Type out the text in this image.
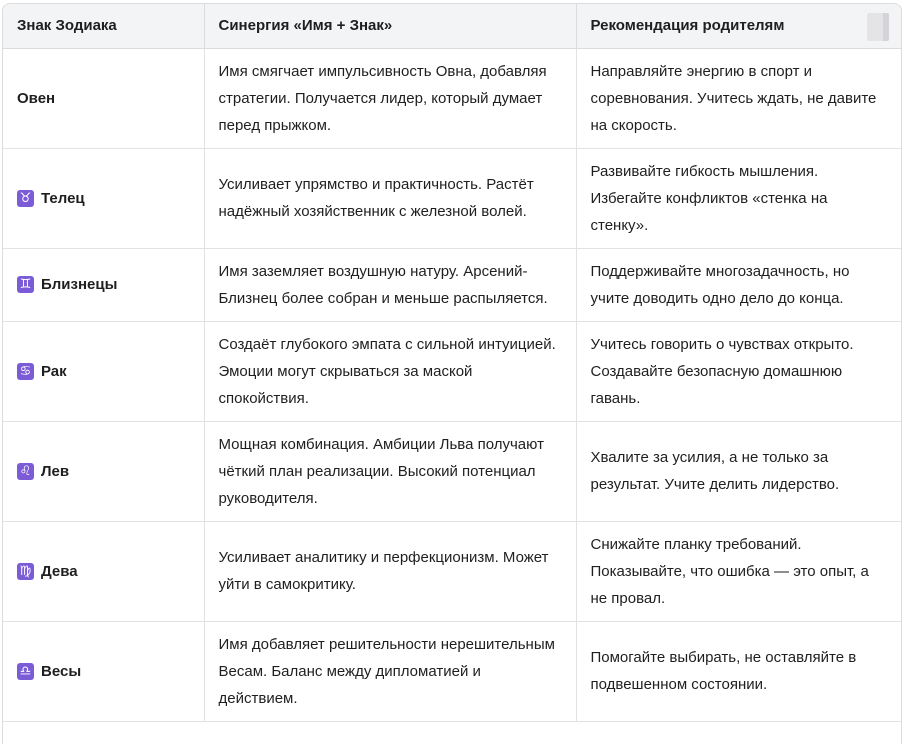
Знак Зодиака	Синергия «Имя + Знак»	Рекомендация родителям

Овен	Имя смягчает импульсивность Овна, добавляя стратегии. Получается лидер, который думает перед прыжком.	Направляйте энергию в спорт и соревнования. Учитесь ждать, не давите на скорость.

♉ Телец	Усиливает упрямство и практичность. Растёт надёжный хозяйственник с железной волей.	Развивайте гибкость мышления. Избегайте конфликтов «стенка на стенку».

♊ Близнецы	Имя заземляет воздушную натуру. Арсений-Близнец более собран и меньше распыляется.	Поддерживайте многозадачность, но учите доводить одно дело до конца.

♋ Рак	Создаёт глубокого эмпата с сильной интуицией. Эмоции могут скрываться за маской спокойствия.	Учитесь говорить о чувствах открыто. Создавайте безопасную домашнюю гавань.

♌ Лев	Мощная комбинация. Амбиции Льва получают чёткий план реализации. Высокий потенциал руководителя.	Хвалите за усилия, а не только за результат. Учите делить лидерство.

♍ Дева	Усиливает аналитику и перфекционизм. Может уйти в самокритику.	Снижайте планку требований. Показывайте, что ошибка — это опыт, а не провал.

♎ Весы	Имя добавляет решительности нерешительным Весам. Баланс между дипломатией и действием.	Помогайте выбирать, не оставляйте в подвешенном состоянии.
